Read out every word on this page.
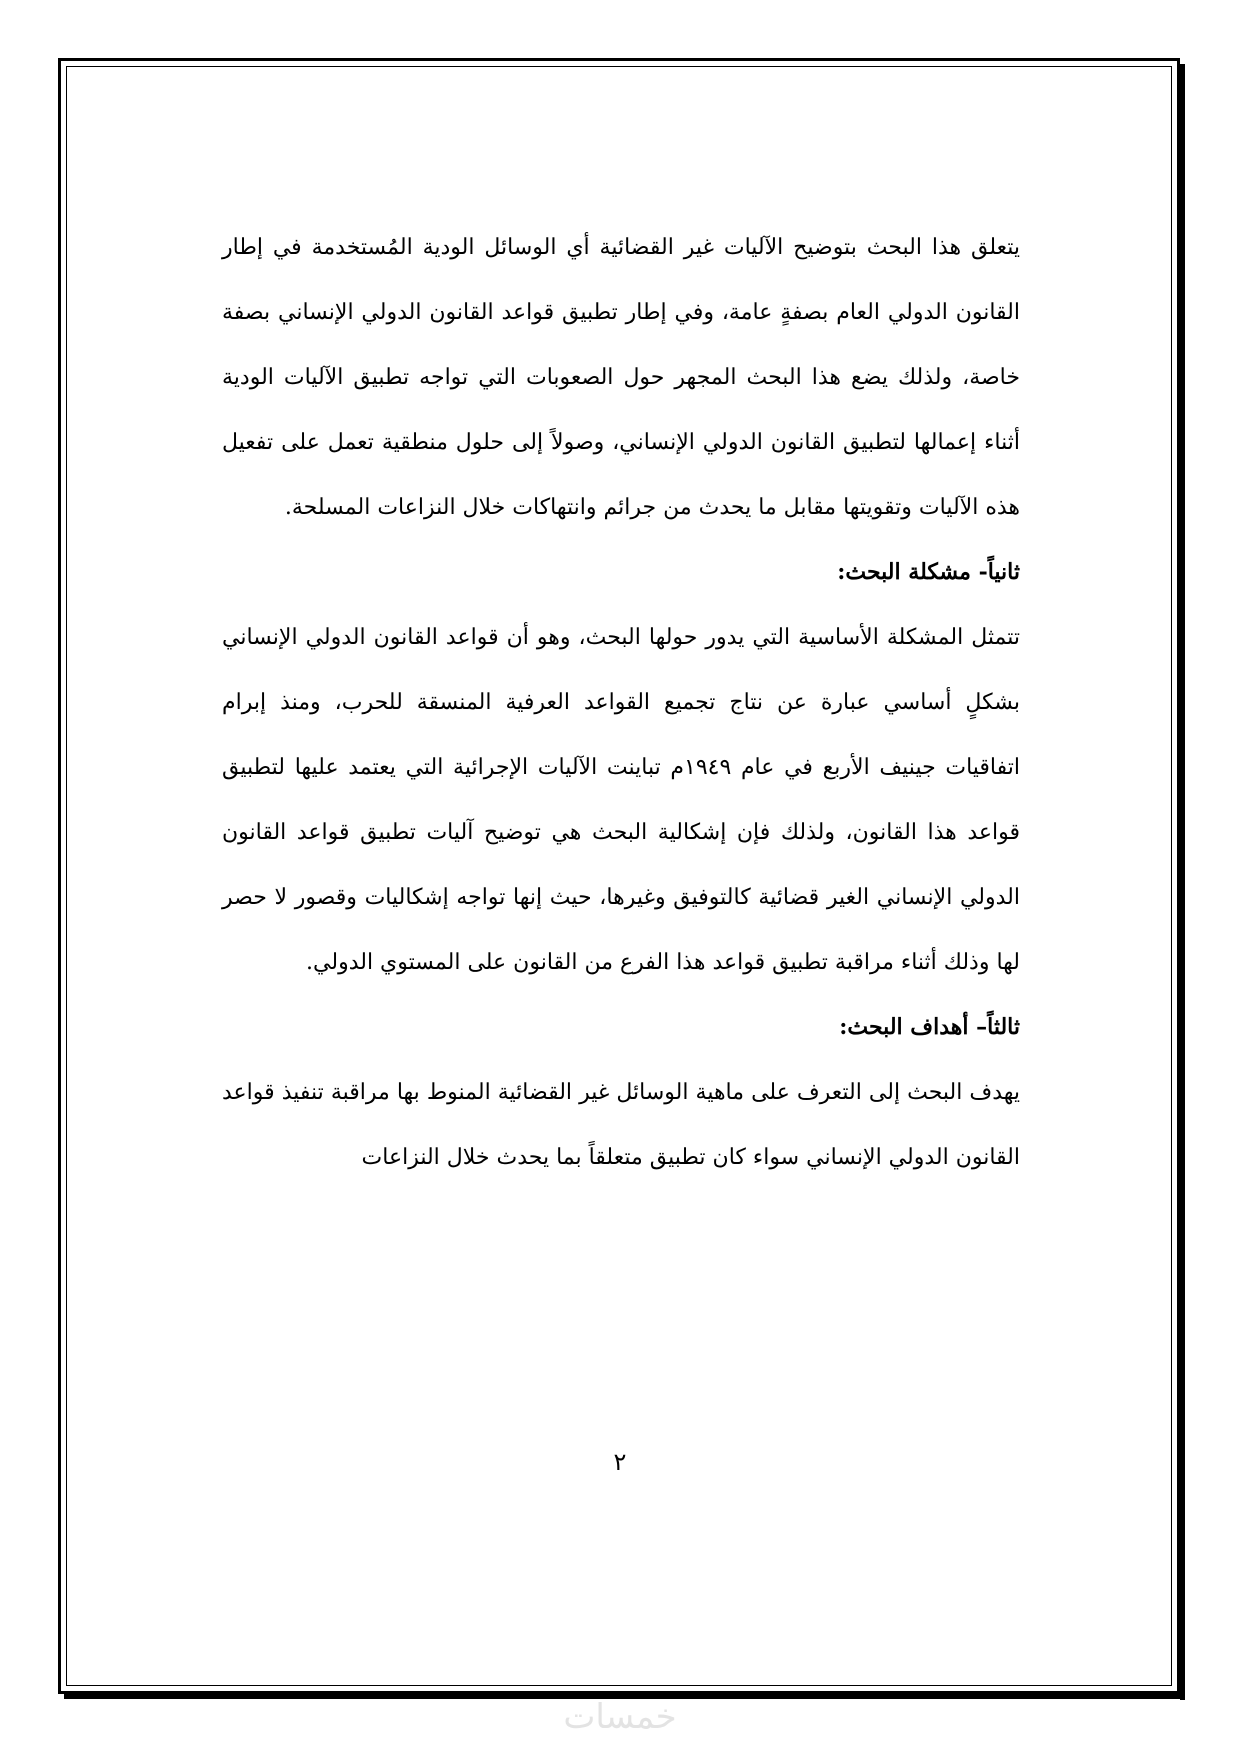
يتعلق هذا البحث بتوضيح الآليات غير القضائية أي الوسائل الودية المُستخدمة في إطار القانون الدولي العام بصفةٍ عامة، وفي إطار تطبيق قواعد القانون الدولي الإنساني بصفة خاصة، ولذلك يضع هذا البحث المجهر حول الصعوبات التي تواجه تطبيق الآليات الودية أثناء إعمالها لتطبيق القانون الدولي الإنساني، وصولاً إلى حلول منطقية تعمل على تفعيل هذه الآليات وتقويتها مقابل ما يحدث من جرائم وانتهاكات خلال النزاعات المسلحة.

ثانياً- مشكلة البحث:

تتمثل المشكلة الأساسية التي يدور حولها البحث، وهو أن قواعد القانون الدولي الإنساني بشكلٍ أساسي عبارة عن نتاج تجميع القواعد العرفية المنسقة للحرب، ومنذ إبرام اتفاقيات جينيف الأربع في عام ١٩٤٩م تباينت الآليات الإجرائية التي يعتمد عليها لتطبيق قواعد هذا القانون، ولذلك فإن إشكالية البحث هي توضيح آليات تطبيق قواعد القانون الدولي الإنساني الغير قضائية كالتوفيق وغيرها، حيث إنها تواجه إشكاليات وقصور لا حصر لها وذلك أثناء مراقبة تطبيق قواعد هذا الفرع من القانون على المستوي الدولي.

ثالثاً– أهداف البحث:

يهدف البحث إلى التعرف على ماهية الوسائل غير القضائية المنوط بها مراقبة تنفيذ قواعد القانون الدولي الإنساني سواء كان تطبيق متعلقاً بما يحدث خلال النزاعات

٢
خمسات
